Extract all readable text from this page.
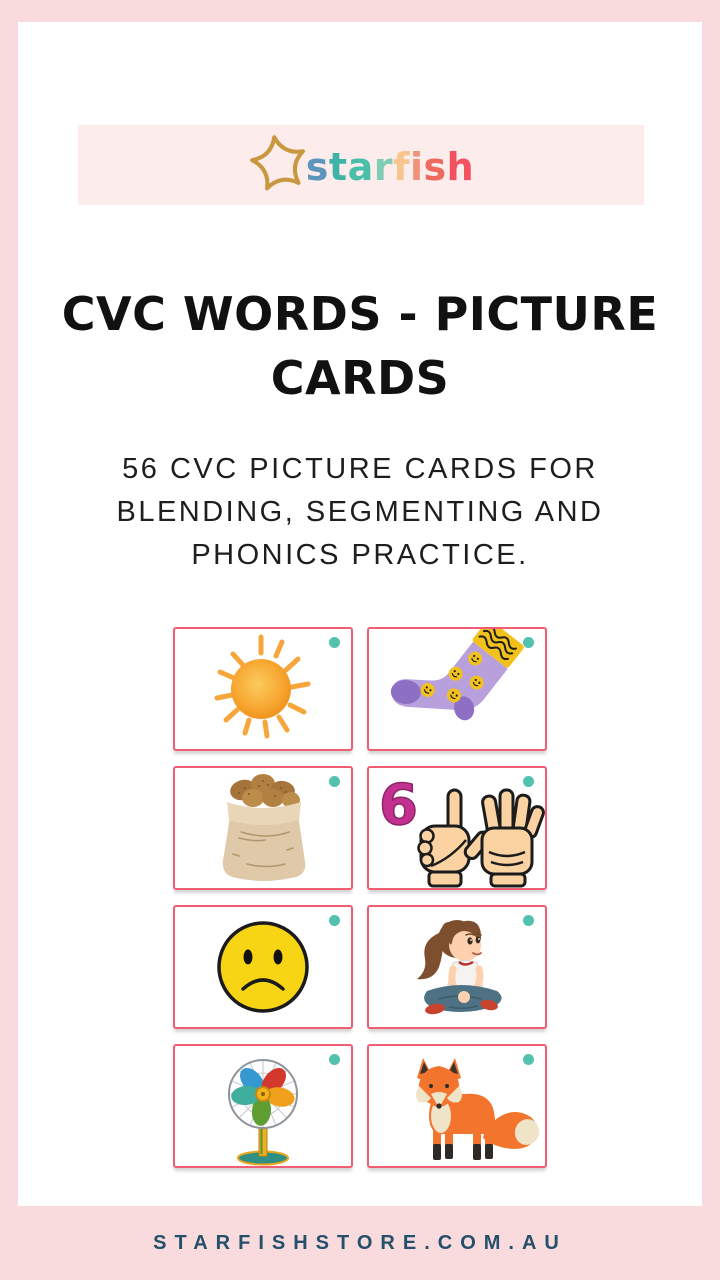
starfish
CVC WORDS - PICTURE
CARDS

56 CVC PICTURE CARDS FOR
BLENDING, SEGMENTING AND
PHONICS PRACTICE.

6
STARFISHSTORE.COM.AU
